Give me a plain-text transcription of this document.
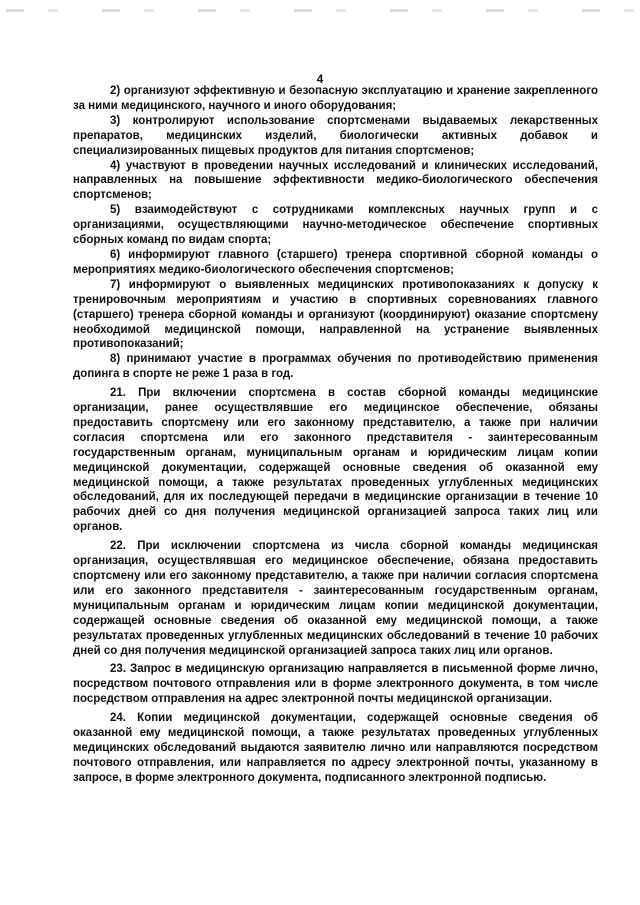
4

2) организуют эффективную и безопасную эксплуатацию и хранение закрепленного за ними медицинского, научного и иного оборудования;

3) контролируют использование спортсменами выдаваемых лекарственных препаратов, медицинских изделий, биологически активных добавок и специализированных пищевых продуктов для питания спортсменов;

4) участвуют в проведении научных исследований и клинических исследований, направленных на повышение эффективности медико-биологического обеспечения спортсменов;

5) взаимодействуют с сотрудниками комплексных научных групп и с организациями, осуществляющими научно-методическое обеспечение спортивных сборных команд по видам спорта;

6) информируют главного (старшего) тренера спортивной сборной команды о мероприятиях медико-биологического обеспечения спортсменов;

7) информируют о выявленных медицинских противопоказаниях к допуску к тренировочным мероприятиям и участию в спортивных соревнованиях главного (старшего) тренера сборной команды и организуют (координируют) оказание спортсмену необходимой медицинской помощи, направленной на устранение выявленных противопоказаний;

8) принимают участие в программах обучения по противодействию применения допинга в спорте не реже 1 раза в год.

21. При включении спортсмена в состав сборной команды медицинские организации, ранее осуществлявшие его медицинское обеспечение, обязаны предоставить спортсмену или его законному представителю, а также при наличии согласия спортсмена или его законного представителя - заинтересованным государственным органам, муниципальным органам и юридическим лицам копии медицинской документации, содержащей основные сведения об оказанной ему медицинской помощи, а также результатах проведенных углубленных медицинских обследований, для их последующей передачи в медицинские организации в течение 10 рабочих дней со дня получения медицинской организацией запроса таких лиц или органов.

22. При исключении спортсмена из числа сборной команды медицинская организация, осуществлявшая его медицинское обеспечение, обязана предоставить спортсмену или его законному представителю, а также при наличии согласия спортсмена или его законного представителя - заинтересованным государственным органам, муниципальным органам и юридическим лицам копии медицинской документации, содержащей основные сведения об оказанной ему медицинской помощи, а также результатах проведенных углубленных медицинских обследований в течение 10 рабочих дней со дня получения медицинской организацией запроса таких лиц или органов.

23. Запрос в медицинскую организацию направляется в письменной форме лично, посредством почтового отправления или в форме электронного документа, в том числе посредством отправления на адрес электронной почты медицинской организации.

24. Копии медицинской документации, содержащей основные сведения об оказанной ему медицинской помощи, а также результатах проведенных углубленных медицинских обследований выдаются заявителю лично или направляются посредством почтового отправления, или направляется по адресу электронной почты, указанному в запросе, в форме электронного документа, подписанного электронной подписью.
